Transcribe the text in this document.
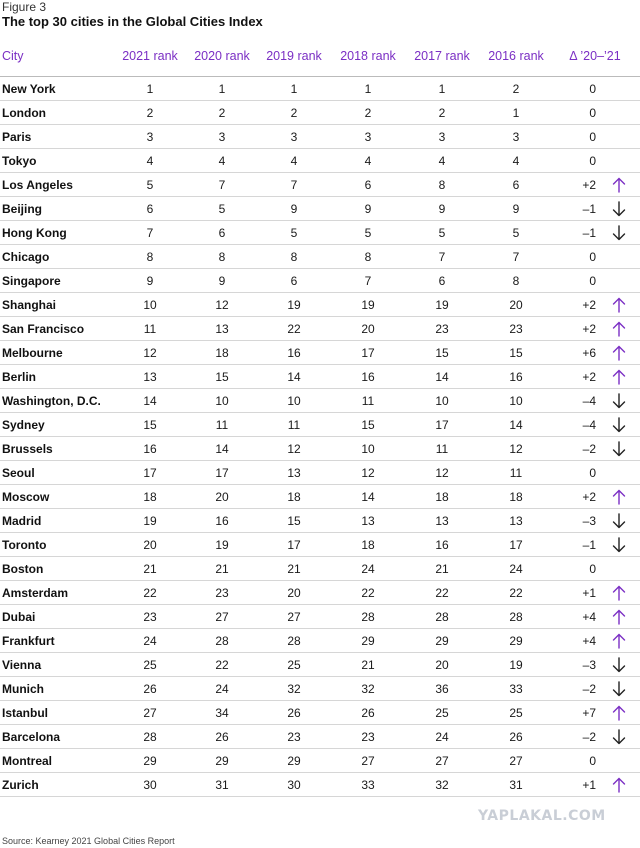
Figure 3
The top 30 cities in the Global Cities Index
City	2021 rank	2020 rank	2019 rank	2018 rank	2017 rank	2016 rank	Δ ’20–’21
New York	1	1	1	1	1	2	0
London	2	2	2	2	2	1	0
Paris	3	3	3	3	3	3	0
Tokyo	4	4	4	4	4	4	0
Los Angeles	5	7	7	6	8	6	+2
Beijing	6	5	9	9	9	9	–1
Hong Kong	7	6	5	5	5	5	–1
Chicago	8	8	8	8	7	7	0
Singapore	9	9	6	7	6	8	0
Shanghai	10	12	19	19	19	20	+2
San Francisco	11	13	22	20	23	23	+2
Melbourne	12	18	16	17	15	15	+6
Berlin	13	15	14	16	14	16	+2
Washington, D.C.	14	10	10	11	10	10	–4
Sydney	15	11	11	15	17	14	–4
Brussels	16	14	12	10	11	12	–2
Seoul	17	17	13	12	12	11	0
Moscow	18	20	18	14	18	18	+2
Madrid	19	16	15	13	13	13	–3
Toronto	20	19	17	18	16	17	–1
Boston	21	21	21	24	21	24	0
Amsterdam	22	23	20	22	22	22	+1
Dubai	23	27	27	28	28	28	+4
Frankfurt	24	28	28	29	29	29	+4
Vienna	25	22	25	21	20	19	–3
Munich	26	24	32	32	36	33	–2
Istanbul	27	34	26	26	25	25	+7
Barcelona	28	26	23	23	24	26	–2
Montreal	29	29	29	27	27	27	0
Zurich	30	31	30	33	32	31	+1
YAPLAKAL.COM
Source: Kearney 2021 Global Cities Report
